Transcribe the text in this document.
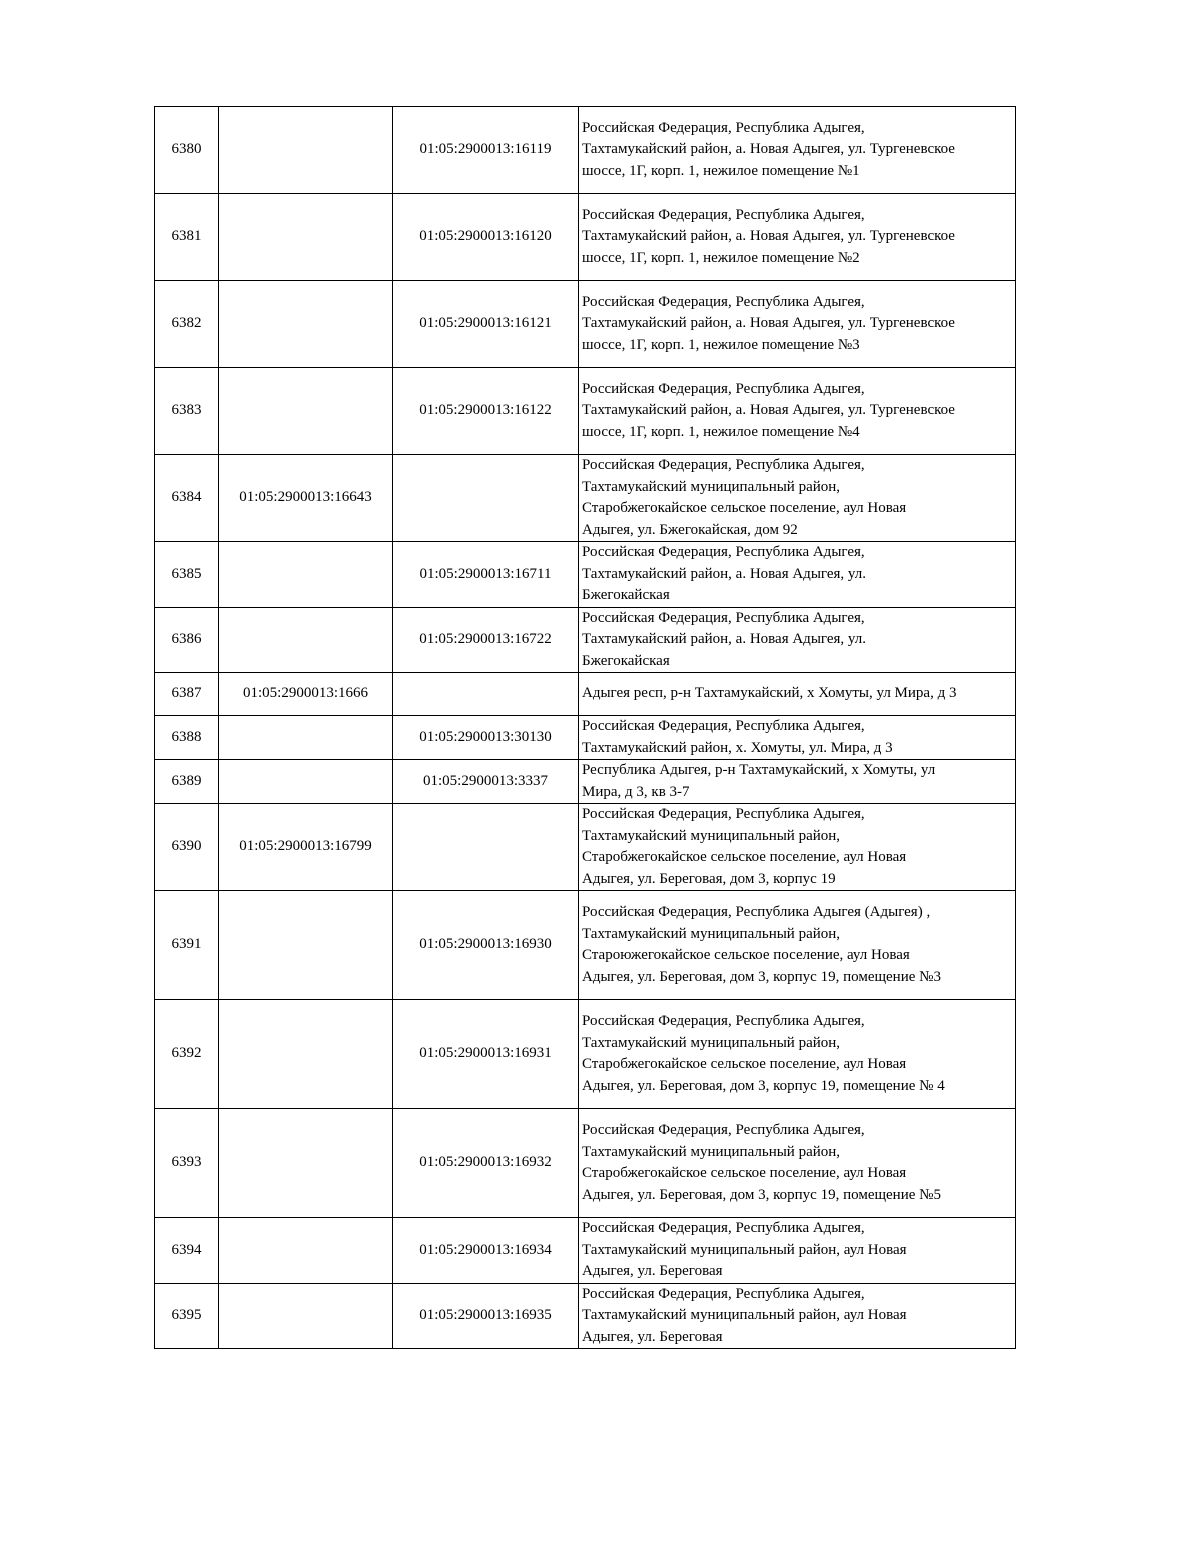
6380		01:05:2900013:16119	Российская Федерация, Республика Адыгея,
Тахтамукайский район, а. Новая Адыгея, ул. Тургеневское
шоссе, 1Г, корп. 1, нежилое помещение №1

6381		01:05:2900013:16120	Российская Федерация, Республика Адыгея,
Тахтамукайский район, а. Новая Адыгея, ул. Тургеневское
шоссе, 1Г, корп. 1, нежилое помещение №2

6382		01:05:2900013:16121	Российская Федерация, Республика Адыгея,
Тахтамукайский район, а. Новая Адыгея, ул. Тургеневское
шоссе, 1Г, корп. 1, нежилое помещение №3

6383		01:05:2900013:16122	Российская Федерация, Республика Адыгея,
Тахтамукайский район, а. Новая Адыгея, ул. Тургеневское
шоссе, 1Г, корп. 1, нежилое помещение №4

6384	01:05:2900013:16643		Российская Федерация, Республика Адыгея,
Тахтамукайский муниципальный район,
Старобжегокайское сельское поселение, аул Новая
Адыгея, ул. Бжегокайская, дом 92

6385		01:05:2900013:16711	Российская Федерация, Республика Адыгея,
Тахтамукайский район, а. Новая Адыгея, ул.
Бжегокайская

6386		01:05:2900013:16722	Российская Федерация, Республика Адыгея,
Тахтамукайский район, а. Новая Адыгея, ул.
Бжегокайская

6387	01:05:2900013:1666		Адыгея респ, р-н Тахтамукайский, х Хомуты, ул Мира, д 3

6388		01:05:2900013:30130	Российская Федерация, Республика Адыгея,
Тахтамукайский район, х. Хомуты, ул. Мира, д 3

6389		01:05:2900013:3337	Республика Адыгея, р-н Тахтамукайский, х Хомуты, ул
Мира, д 3, кв 3-7

6390	01:05:2900013:16799		Российская Федерация, Республика Адыгея,
Тахтамукайский муниципальный район,
Старобжегокайское сельское поселение, аул Новая
Адыгея, ул. Береговая, дом 3, корпус 19

6391		01:05:2900013:16930	Российская Федерация, Республика Адыгея (Адыгея) ,
Тахтамукайский муниципальный район,
Староюжегокайское сельское поселение, аул Новая
Адыгея, ул. Береговая, дом 3, корпус 19, помещение №3

6392		01:05:2900013:16931	Российская Федерация, Республика Адыгея,
Тахтамукайский муниципальный район,
Старобжегокайское сельское поселение, аул Новая
Адыгея, ул. Береговая, дом 3, корпус 19, помещение № 4

6393		01:05:2900013:16932	Российская Федерация, Республика Адыгея,
Тахтамукайский муниципальный район,
Старобжегокайское сельское поселение, аул Новая
Адыгея, ул. Береговая, дом 3, корпус 19, помещение №5

6394		01:05:2900013:16934	Российская Федерация, Республика Адыгея,
Тахтамукайский муниципальный район, аул Новая
Адыгея, ул. Береговая

6395		01:05:2900013:16935	Российская Федерация, Республика Адыгея,
Тахтамукайский муниципальный район, аул Новая
Адыгея, ул. Береговая
